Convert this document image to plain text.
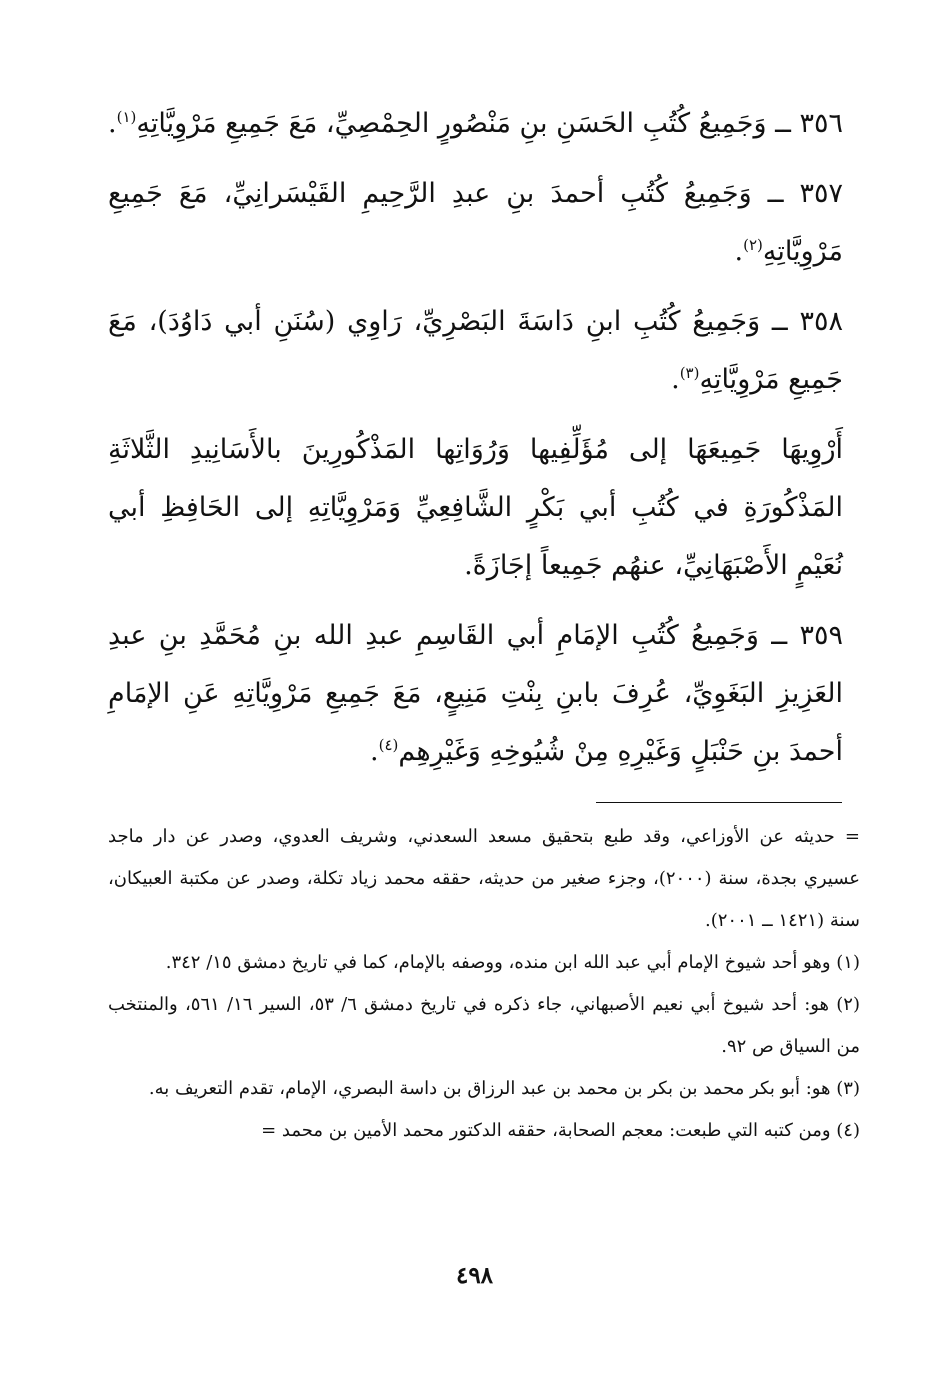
٣٥٦ ــ وَجَمِيعُ كُتُبِ الحَسَنِ بنِ مَنْصُورٍ الحِمْصِيِّ، مَعَ جَمِيعِ مَرْوِيَّاتِهِ$^{(١)}$.

٣٥٧ ــ وَجَمِيعُ كُتُبِ أحمدَ بنِ عبدِ الرَّحِيمِ القَيْسَرانِيِّ، مَعَ جَمِيعِ مَرْوِيَّاتِهِ$^{(٢)}$.

٣٥٨ ــ وَجَمِيعُ كُتُبِ ابنِ دَاسَةَ البَصْرِيِّ، رَاوِي (سُنَنِ أبي دَاوُدَ)، مَعَ جَمِيعِ مَرْوِيَّاتِهِ$^{(٣)}$.

أَرْوِيهَا جَمِيعَهَا إلى مُؤَلِّفِيها وَرُوَاتِها المَذْكُورِينَ بالأَسَانِيدِ الثَّلاثَةِ المَذْكُورَةِ في كُتُبِ أبي بَكْرٍ الشَّافِعِيِّ وَمَرْوِيَّاتِهِ إلى الحَافِظِ أبي نُعَيْمٍ الأَصْبَهَانِيِّ، عنهُم جَمِيعاً إجَازَةً.

٣٥٩ ــ وَجَمِيعُ كُتُبِ الإمَامِ أبي القَاسِمِ عبدِ الله بنِ مُحَمَّدِ بنِ عبدِ العَزِيزِ البَغَوِيِّ، عُرِفَ بابنِ بِنْتِ مَنِيعٍ، مَعَ جَمِيعِ مَرْوِيَّاتِهِ عَنِ الإمَامِ أحمدَ بنِ حَنْبَلٍ وَغَيْرِهِ مِنْ شُيُوخِهِ وَغَيْرِهِم$^{(٤)}$.

= حديثه عن الأوزاعي، وقد طبع بتحقيق مسعد السعدني، وشريف العدوي، وصدر عن دار ماجد عسيري بجدة، سنة (٢٠٠٠)، وجزء صغير من حديثه، حققه محمد زياد تكلة، وصدر عن مكتبة العبيكان، سنة (١٤٢١ ــ ٢٠٠١).

(١) وهو أحد شيوخ الإمام أبي عبد الله ابن منده، ووصفه بالإمام، كما في تاريخ دمشق ١٥/ ٣٤٢.

(٢) هو: أحد شيوخ أبي نعيم الأصبهاني، جاء ذكره في تاريخ دمشق ٦/ ٥٣، السير ١٦/ ٥٦١، والمنتخب من السياق ص ٩٢.

(٣) هو: أبو بكر محمد بن بكر بن محمد بن عبد الرزاق بن داسة البصري، الإمام، تقدم التعريف به.

(٤) ومن كتبه التي طبعت: معجم الصحابة، حققه الدكتور محمد الأمين بن محمد =

٤٩٨
